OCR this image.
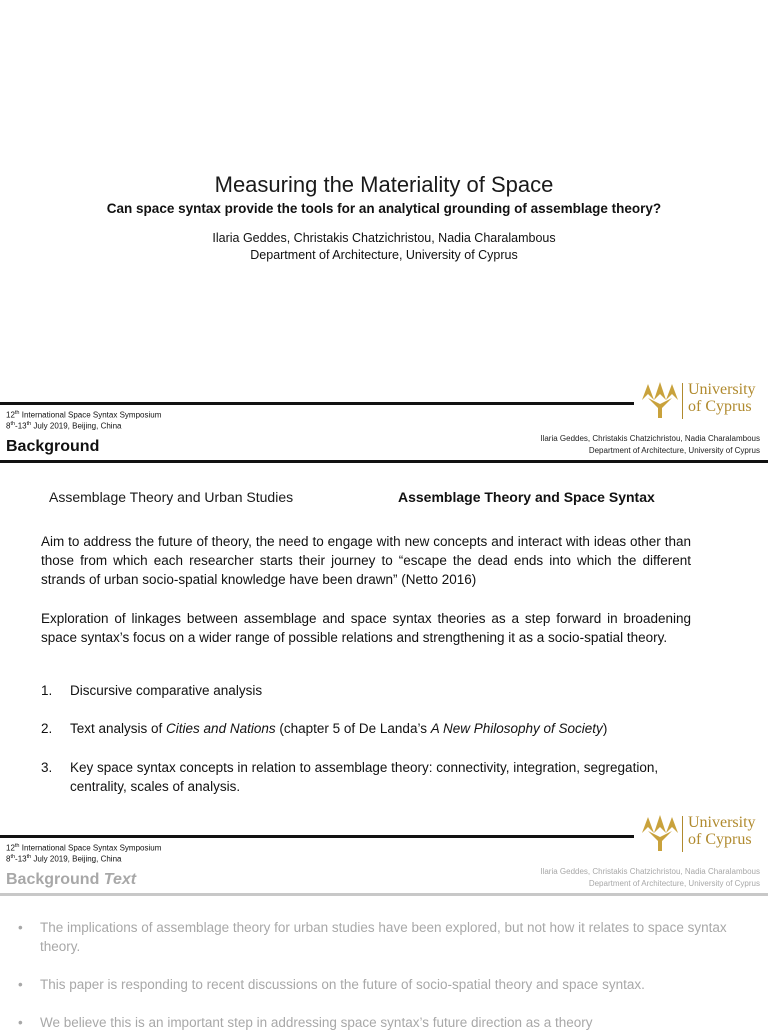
Measuring the Materiality of Space
Can space syntax provide the tools for an analytical grounding of assemblage theory?
Ilaria Geddes, Christakis Chatzichristou, Nadia Charalambous
Department of Architecture, University of Cyprus
12th International Space Syntax Symposium
8th-13th July 2019, Beijing, China
Background	Ilaria Geddes, Christakis Chatzichristou, Nadia Charalambous
Department of Architecture, University of Cyprus
University
of Cyprus
Assemblage Theory and Urban Studies	Assemblage Theory and Space Syntax
Aim to address the future of theory, the need to engage with new concepts and interact with ideas other than those from which each researcher starts their journey to “escape the dead ends into which the different strands of urban socio-spatial knowledge have been drawn” (Netto 2016)
Exploration of linkages between assemblage and space syntax theories as a step forward in broadening space syntax’s focus on a wider range of possible relations and strengthening it as a socio-spatial theory.
1. Discursive comparative analysis
2. Text analysis of Cities and Nations (chapter 5 of De Landa’s A New Philosophy of Society)
3. Key space syntax concepts in relation to assemblage theory: connectivity, integration, segregation, centrality, scales of analysis.
12th International Space Syntax Symposium
8th-13th July 2019, Beijing, China
Background Text	Ilaria Geddes, Christakis Chatzichristou, Nadia Charalambous
Department of Architecture, University of Cyprus
University
of Cyprus
• The implications of assemblage theory for urban studies have been explored, but not how it relates to space syntax theory.
• This paper is responding to recent discussions on the future of socio-spatial theory and space syntax.
• We believe this is an important step in addressing space syntax’s future direction as a theory
